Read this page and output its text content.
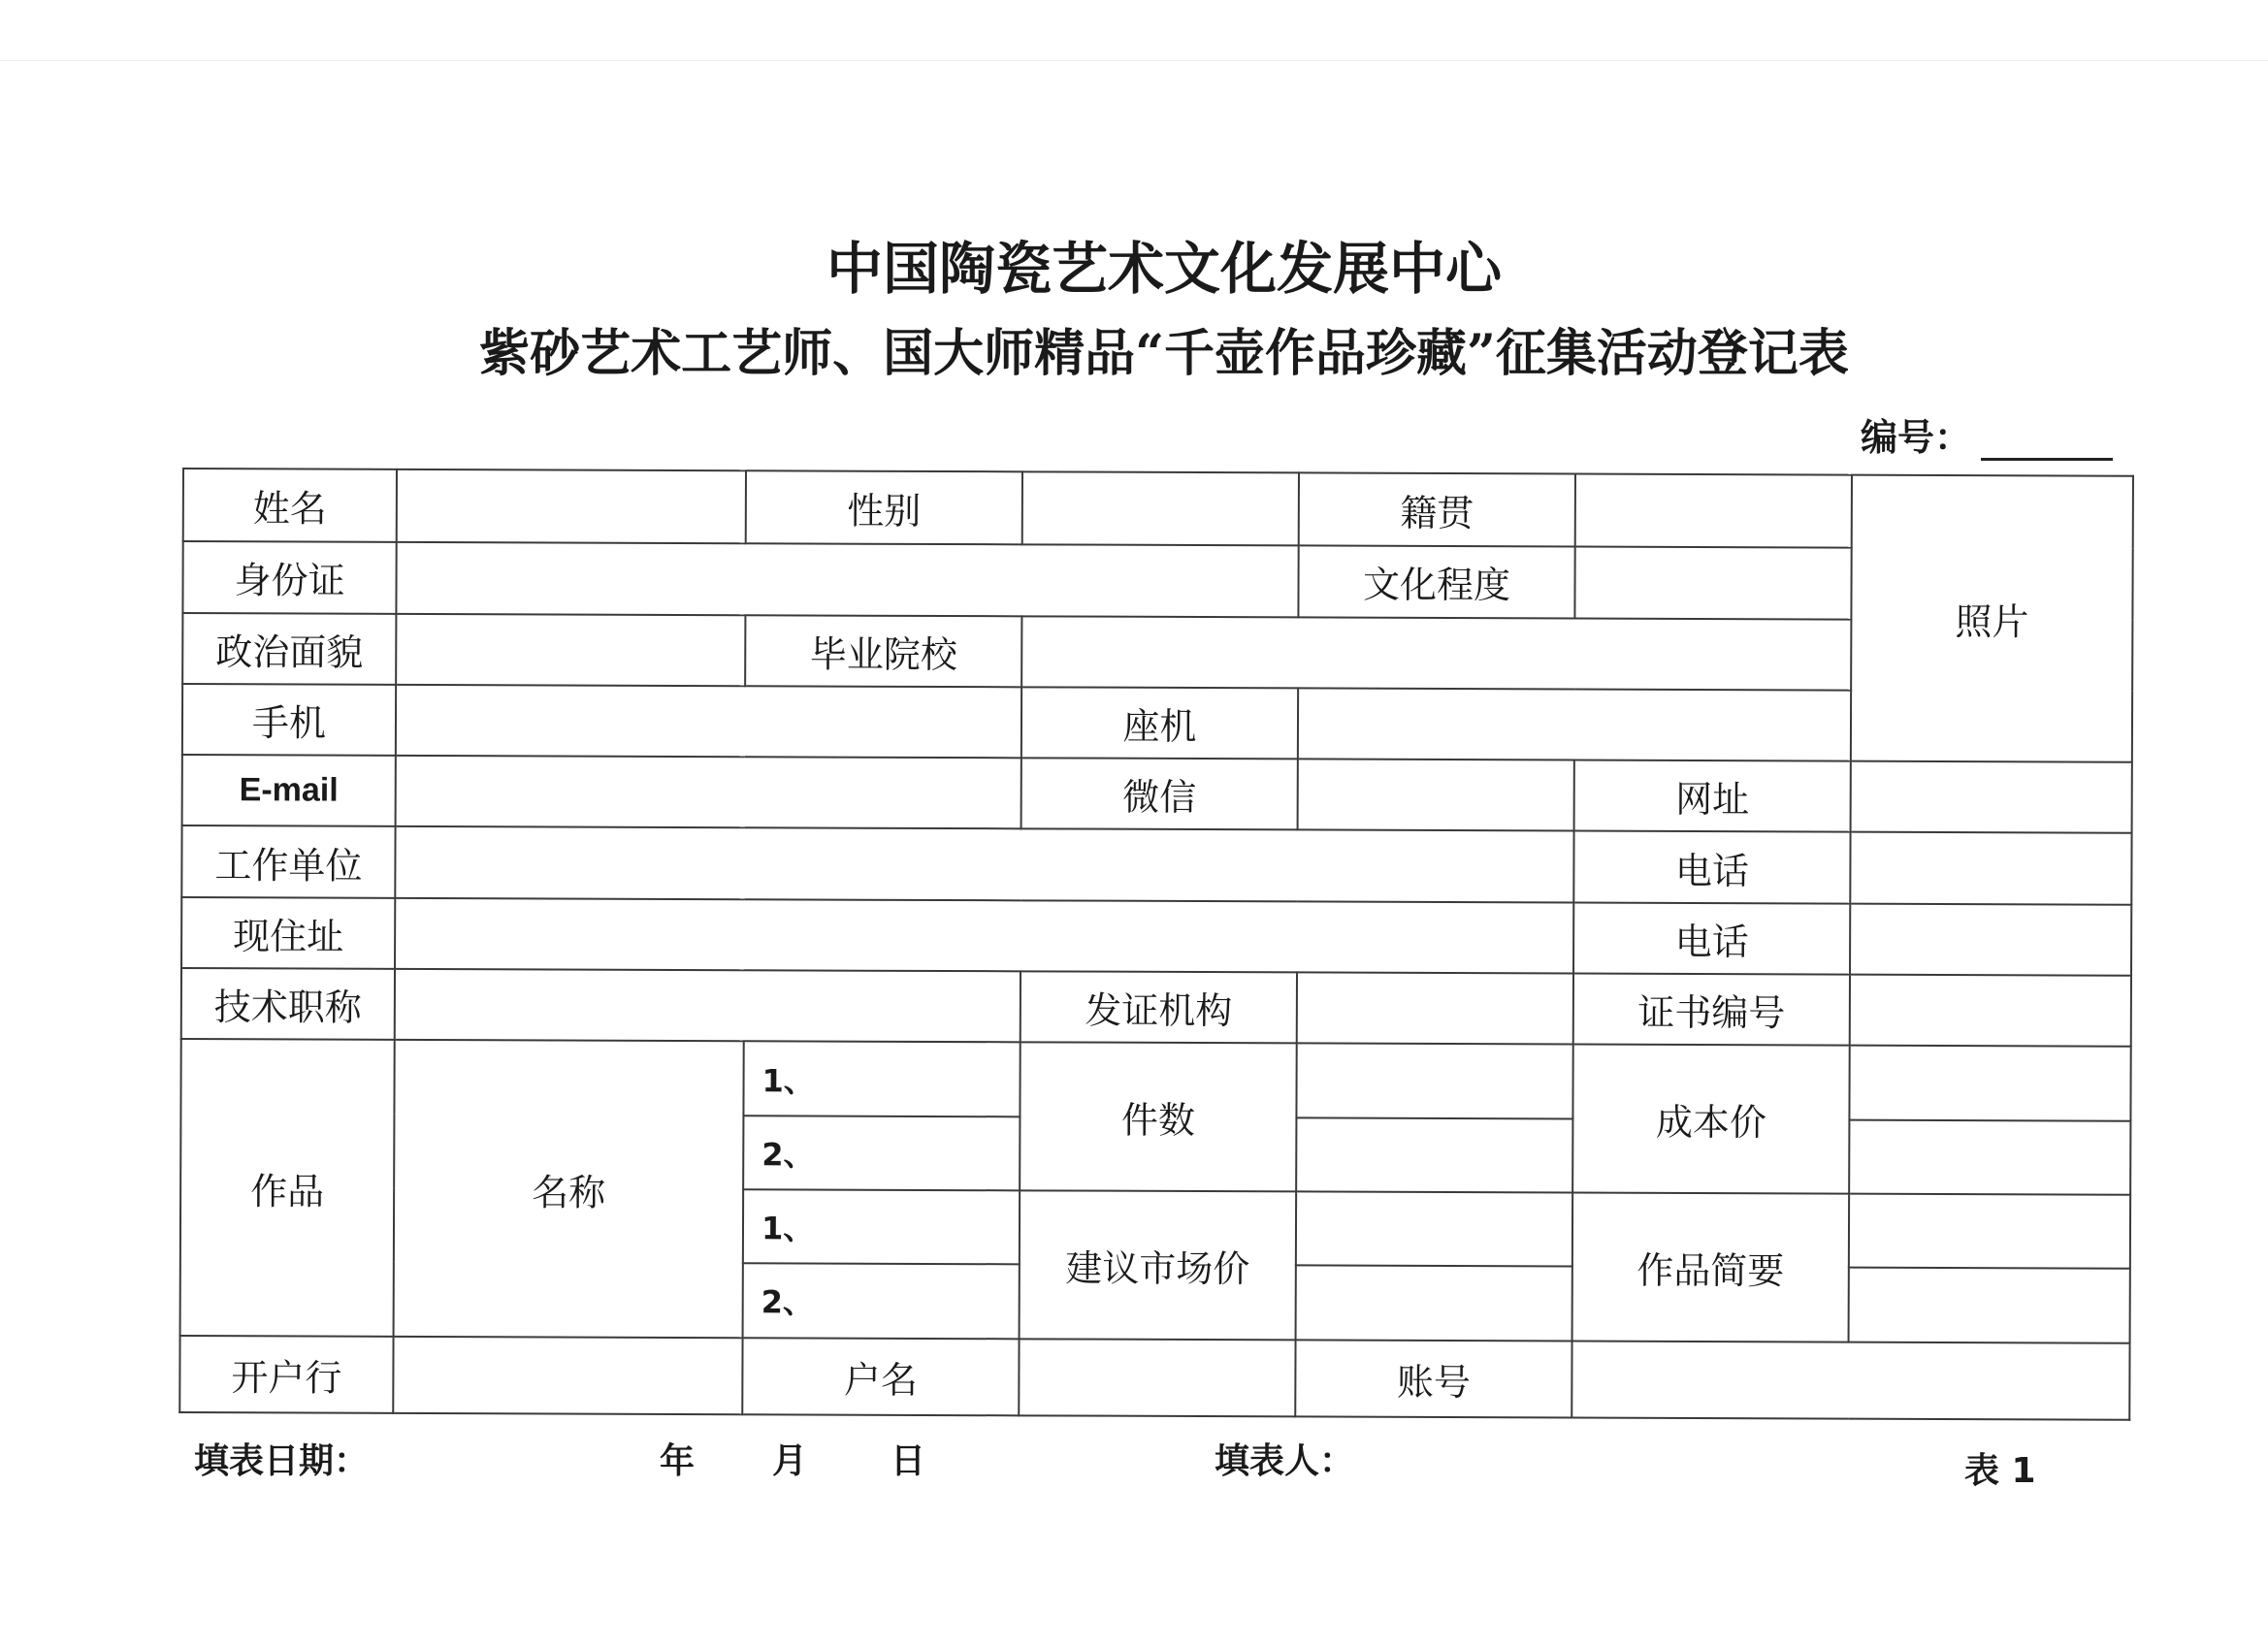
中国陶瓷艺术文化发展中心
紫砂艺术工艺师、国大师精品“千壶作品珍藏”征集活动登记表
编号：
姓名		性别		籍贯		照片
身份证				文化程度		
政治面貌		毕业院校				
手机			座机			
E-mail			微信		网址	
工作单位					电话	
现住址					电话	
技术职称			发证机构		证书编号	
作品	名称	1、	件数		成本价	
		2、				
		1、	建议市场价		作品简要	
		2、				
开户行		户名		账号		
填表日期：	年 月 日	填表人：	表 1
